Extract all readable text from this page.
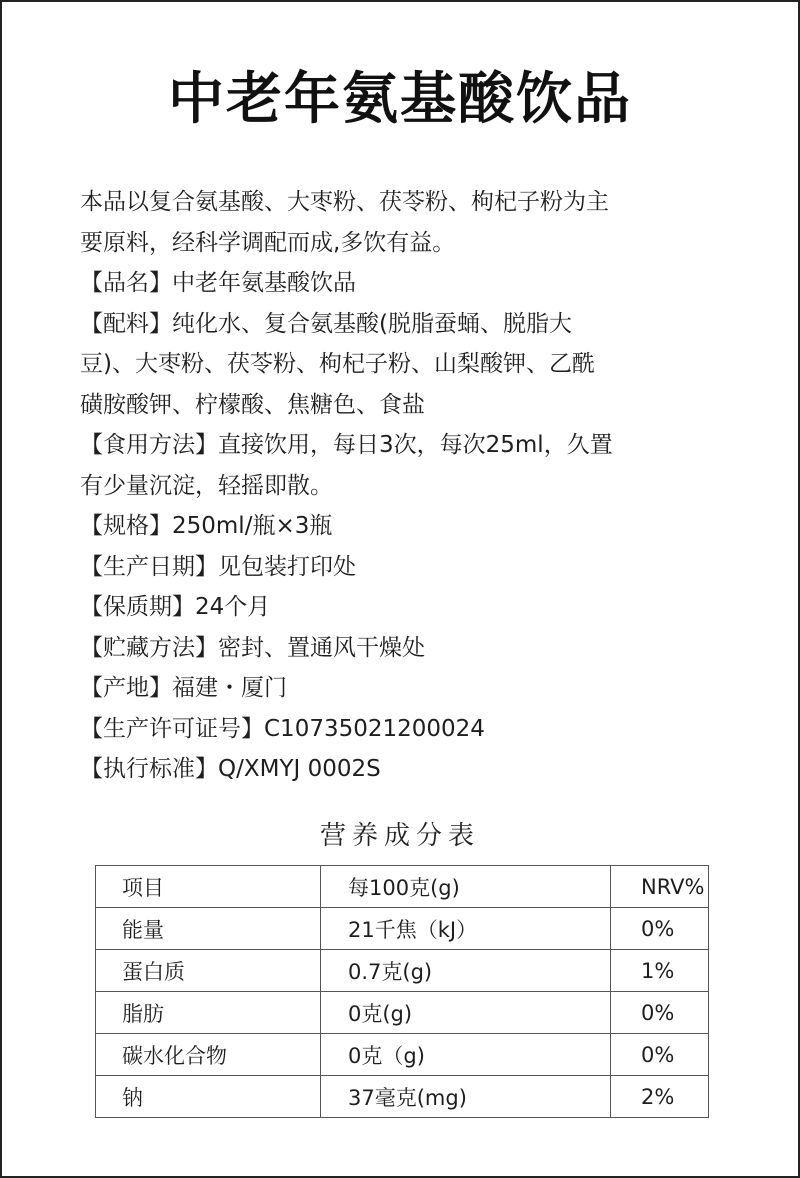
中老年氨基酸饮品

本品以复合氨基酸、大枣粉、茯苓粉、枸杞子粉为主

要原料，经科学调配而成,多饮有益。

【品名】中老年氨基酸饮品

【配料】纯化水、复合氨基酸(脱脂蚕蛹、脱脂大

豆)、大枣粉、茯苓粉、枸杞子粉、山梨酸钾、乙酰

磺胺酸钾、柠檬酸、焦糖色、食盐

【食用方法】直接饮用，每日3次，每次25ml，久置

有少量沉淀，轻摇即散。

【规格】250ml/瓶×3瓶

【生产日期】见包装打印处

【保质期】24个月

【贮藏方法】密封、置通风干燥处

【产地】福建・厦门

【生产许可证号】C10735021200024

【执行标准】Q/XMYJ 0002S

营养成分表
项目	每100克(g)	NRV%
能量	21千焦（kJ）	0%
蛋白质	0.7克(g)	1%
脂肪	0克(g)	0%
碳水化合物	0克（g)	0%
钠	37毫克(mg)	2%
